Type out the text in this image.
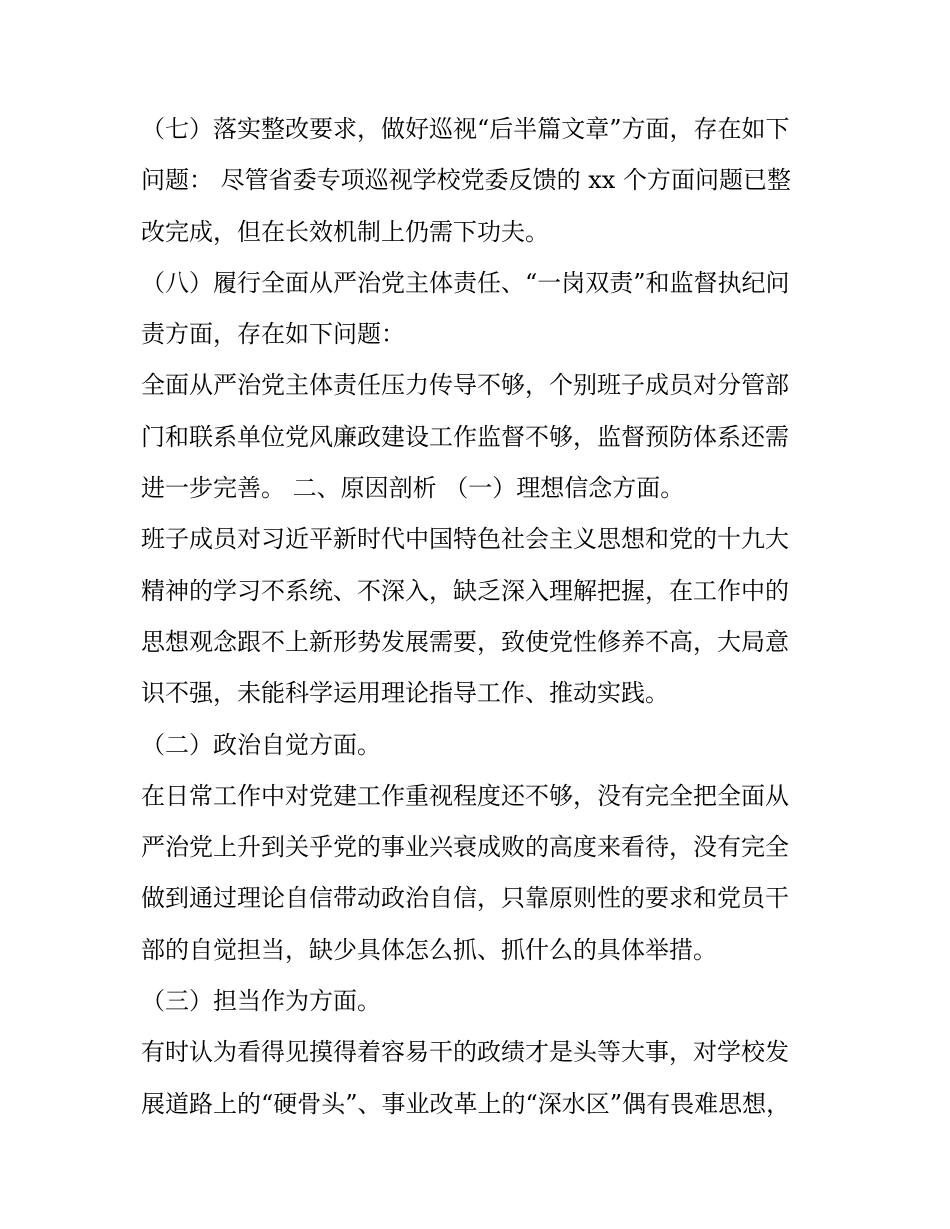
（七）落实整改要求，做好巡视“后半篇文章”方面，存在如下
问题： 尽管省委专项巡视学校党委反馈的 xx 个方面问题已整
改完成，但在长效机制上仍需下功夫。
（八）履行全面从严治党主体责任、“一岗双责”和监督执纪问
责方面，存在如下问题：
全面从严治党主体责任压力传导不够，个别班子成员对分管部
门和联系单位党风廉政建设工作监督不够，监督预防体系还需
进一步完善。 二、原因剖析 （一）理想信念方面。
班子成员对习近平新时代中国特色社会主义思想和党的十九大
精神的学习不系统、不深入，缺乏深入理解把握，在工作中的
思想观念跟不上新形势发展需要，致使党性修养不高，大局意
识不强，未能科学运用理论指导工作、推动实践。
（二）政治自觉方面。
在日常工作中对党建工作重视程度还不够，没有完全把全面从
严治党上升到关乎党的事业兴衰成败的高度来看待，没有完全
做到通过理论自信带动政治自信，只靠原则性的要求和党员干
部的自觉担当，缺少具体怎么抓、抓什么的具体举措。
（三）担当作为方面。
有时认为看得见摸得着容易干的政绩才是头等大事，对学校发
展道路上的“硬骨头”、事业改革上的“深水区”偶有畏难思想，
